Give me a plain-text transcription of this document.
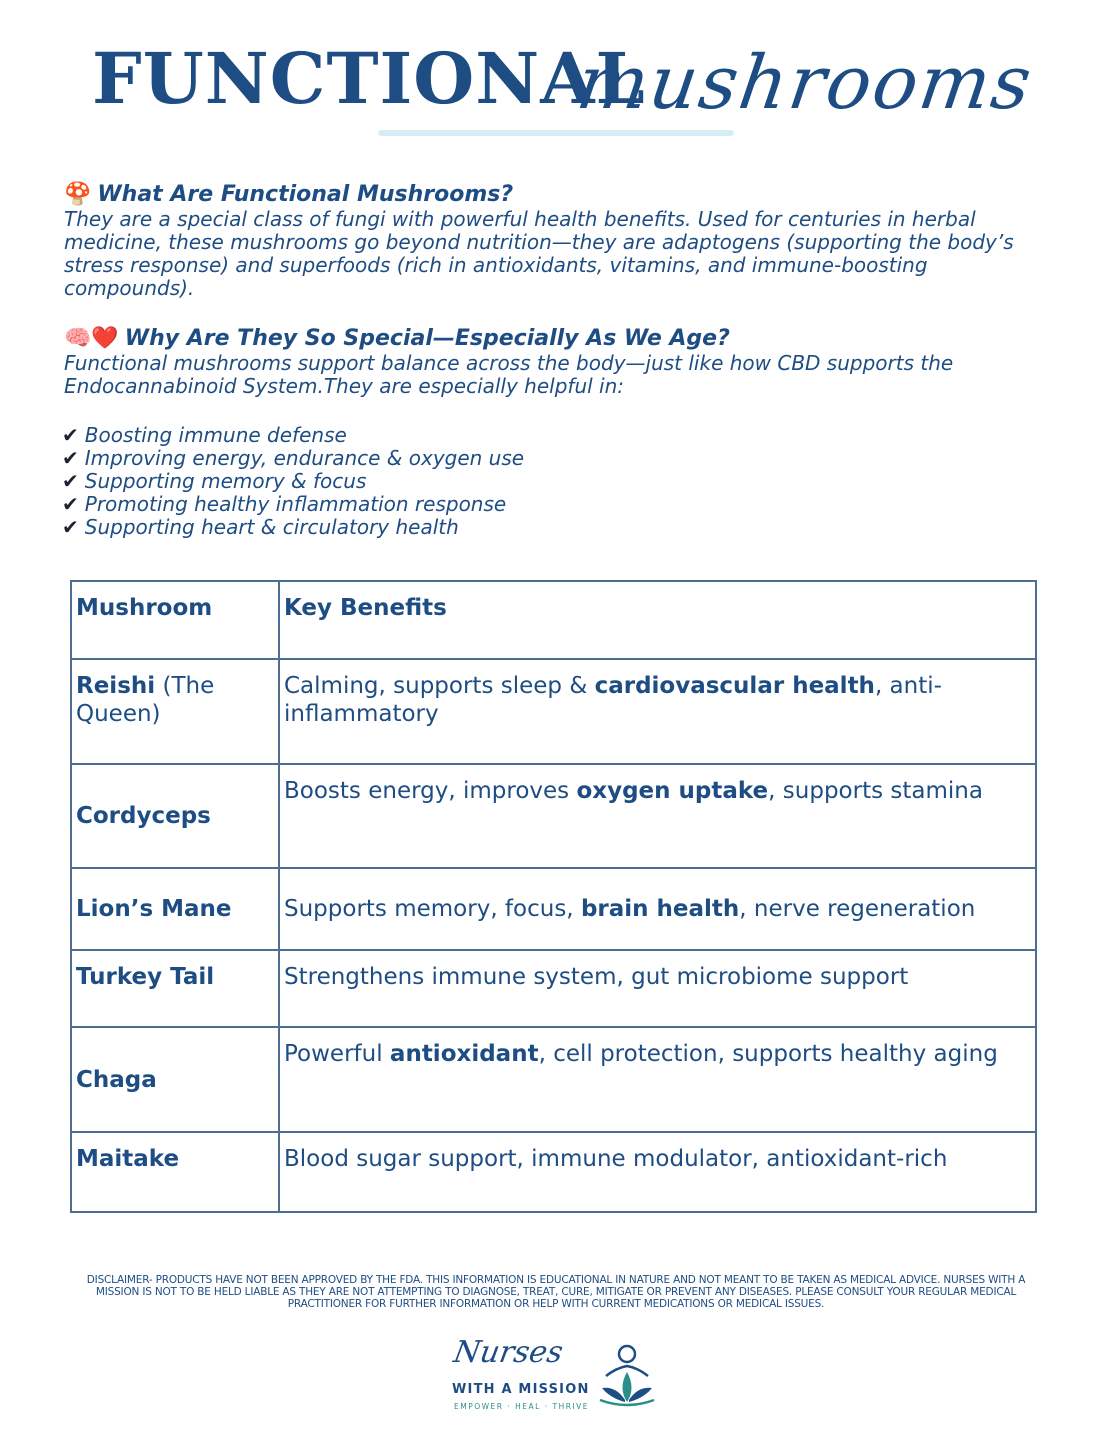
FUNCTIONAL
mushrooms

🍄 What Are Functional Mushrooms?

They are a special class of fungi with powerful health benefits. Used for centuries in herbal medicine, these mushrooms go beyond nutrition—they are adaptogens (supporting the body’s stress response) and superfoods (rich in antioxidants, vitamins, and immune-boosting compounds).

🧠❤️ Why Are They So Special—Especially As We Age?

Functional mushrooms support balance across the body—just like how CBD supports the Endocannabinoid System.They are especially helpful in:

✔ Boosting immune defense
✔ Improving energy, endurance & oxygen use
✔ Supporting memory & focus
✔ Promoting healthy inflammation response
✔ Supporting heart & circulatory health
Mushroom	Key Benefits
Reishi (The Queen)	Calming, supports sleep & cardiovascular health, anti-inflammatory
Cordyceps	Boosts energy, improves oxygen uptake, supports stamina
Lion’s Mane	Supports memory, focus, brain health, nerve regeneration
Turkey Tail	Strengthens immune system, gut microbiome support
Chaga	Powerful antioxidant, cell protection, supports healthy aging
Maitake	Blood sugar support, immune modulator, antioxidant-rich
DISCLAIMER- PRODUCTS HAVE NOT BEEN APPROVED BY THE FDA. THIS INFORMATION IS EDUCATIONAL IN NATURE AND NOT MEANT TO BE TAKEN AS MEDICAL ADVICE. NURSES WITH A MISSION IS NOT TO BE HELD LIABLE AS THEY ARE NOT ATTEMPTING TO DIAGNOSE, TREAT, CURE, MITIGATE OR PREVENT ANY DISEASES. PLEASE CONSULT YOUR REGULAR MEDICAL PRACTITIONER FOR FURTHER INFORMATION OR HELP WITH CURRENT MEDICATIONS OR MEDICAL ISSUES.
Nurses
WITH A MISSION
EMPOWER · HEAL · THRIVE
